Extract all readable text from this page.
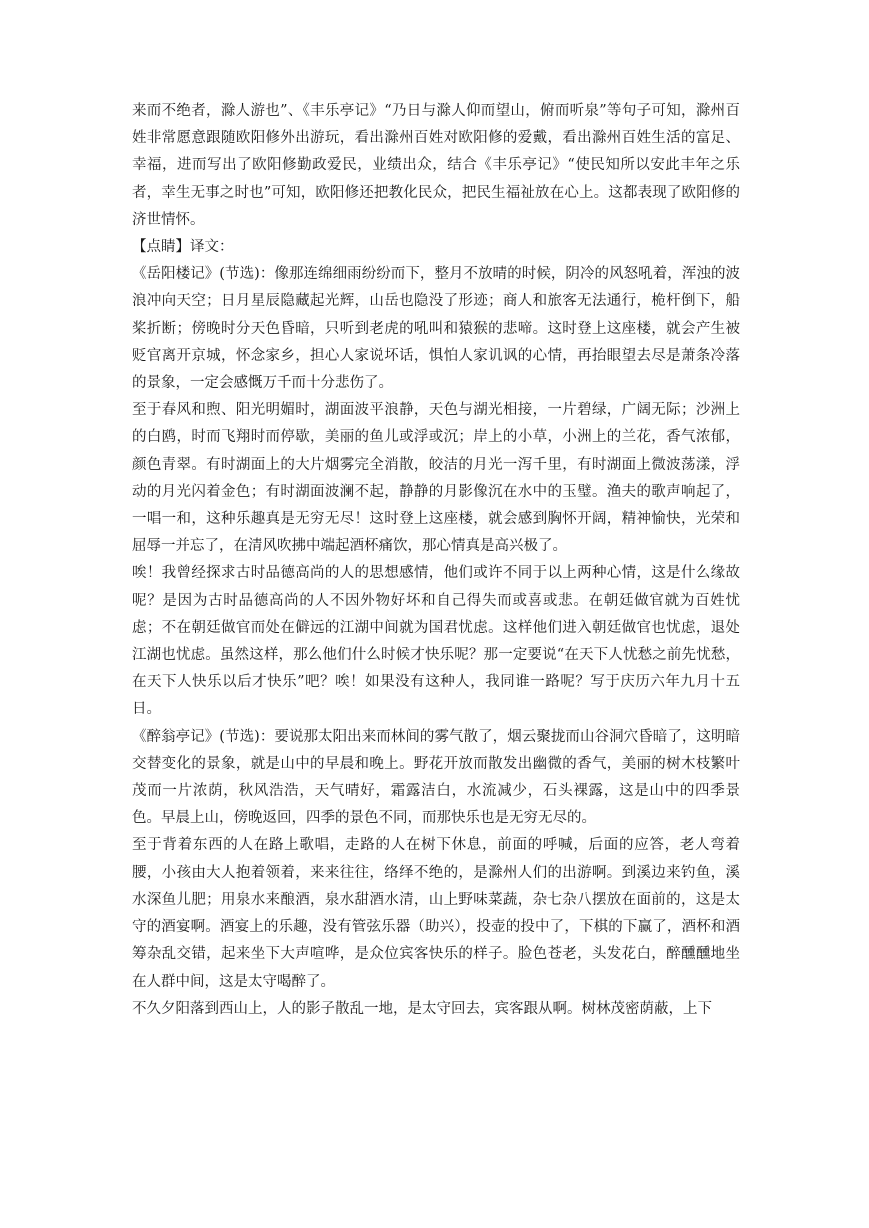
来而不绝者，滁人游也”、《丰乐亭记》“乃日与滁人仰而望山，俯而听泉”等句子可知，滁州百姓非常愿意跟随欧阳修外出游玩，看出滁州百姓对欧阳修的爱戴，看出滁州百姓生活的富足、幸福，进而写出了欧阳修勤政爱民，业绩出众，结合《丰乐亭记》“使民知所以安此丰年之乐者，幸生无事之时也”可知，欧阳修还把教化民众，把民生福祉放在心上。这都表现了欧阳修的济世情怀。

【点睛】译文：

《岳阳楼记》(节选)：像那连绵细雨纷纷而下，整月不放晴的时候，阴冷的风怒吼着，浑浊的波浪冲向天空；日月星辰隐藏起光辉，山岳也隐没了形迹；商人和旅客无法通行，桅杆倒下，船桨折断；傍晚时分天色昏暗，只听到老虎的吼叫和猿猴的悲啼。这时登上这座楼，就会产生被贬官离开京城，怀念家乡，担心人家说坏话，惧怕人家讥讽的心情，再抬眼望去尽是萧条冷落的景象，一定会感慨万千而十分悲伤了。

至于春风和煦、阳光明媚时，湖面波平浪静，天色与湖光相接，一片碧绿，广阔无际；沙洲上的白鸥，时而飞翔时而停歇，美丽的鱼儿或浮或沉；岸上的小草，小洲上的兰花，香气浓郁，颜色青翠。有时湖面上的大片烟雾完全消散，皎洁的月光一泻千里，有时湖面上微波荡漾，浮动的月光闪着金色；有时湖面波澜不起，静静的月影像沉在水中的玉璧。渔夫的歌声响起了，一唱一和，这种乐趣真是无穷无尽！这时登上这座楼，就会感到胸怀开阔，精神愉快，光荣和屈辱一并忘了，在清风吹拂中端起酒杯痛饮，那心情真是高兴极了。

唉！我曾经探求古时品德高尚的人的思想感情，他们或许不同于以上两种心情，这是什么缘故呢？是因为古时品德高尚的人不因外物好坏和自己得失而或喜或悲。在朝廷做官就为百姓忧虑；不在朝廷做官而处在僻远的江湖中间就为国君忧虑。这样他们进入朝廷做官也忧虑，退处江湖也忧虑。虽然这样，那么他们什么时候才快乐呢？那一定要说“在天下人忧愁之前先忧愁，在天下人快乐以后才快乐”吧？唉！如果没有这种人，我同谁一路呢？写于庆历六年九月十五日。

《醉翁亭记》(节选)：要说那太阳出来而林间的雾气散了，烟云聚拢而山谷洞穴昏暗了，这明暗交替变化的景象，就是山中的早晨和晚上。野花开放而散发出幽微的香气，美丽的树木枝繁叶茂而一片浓荫，秋风浩浩，天气晴好，霜露洁白，水流减少，石头裸露，这是山中的四季景色。早晨上山，傍晚返回，四季的景色不同，而那快乐也是无穷无尽的。

至于背着东西的人在路上歌唱，走路的人在树下休息，前面的呼喊，后面的应答，老人弯着腰，小孩由大人抱着领着，来来往往，络绎不绝的，是滁州人们的出游啊。到溪边来钓鱼，溪水深鱼儿肥；用泉水来酿酒，泉水甜酒水清，山上野味菜蔬，杂七杂八摆放在面前的，这是太守的酒宴啊。酒宴上的乐趣，没有管弦乐器（助兴），投壶的投中了，下棋的下赢了，酒杯和酒筹杂乱交错，起来坐下大声喧哗，是众位宾客快乐的样子。脸色苍老，头发花白，醉醺醺地坐在人群中间，这是太守喝醉了。

不久夕阳落到西山上，人的影子散乱一地，是太守回去，宾客跟从啊。树林茂密荫蔽，上下
